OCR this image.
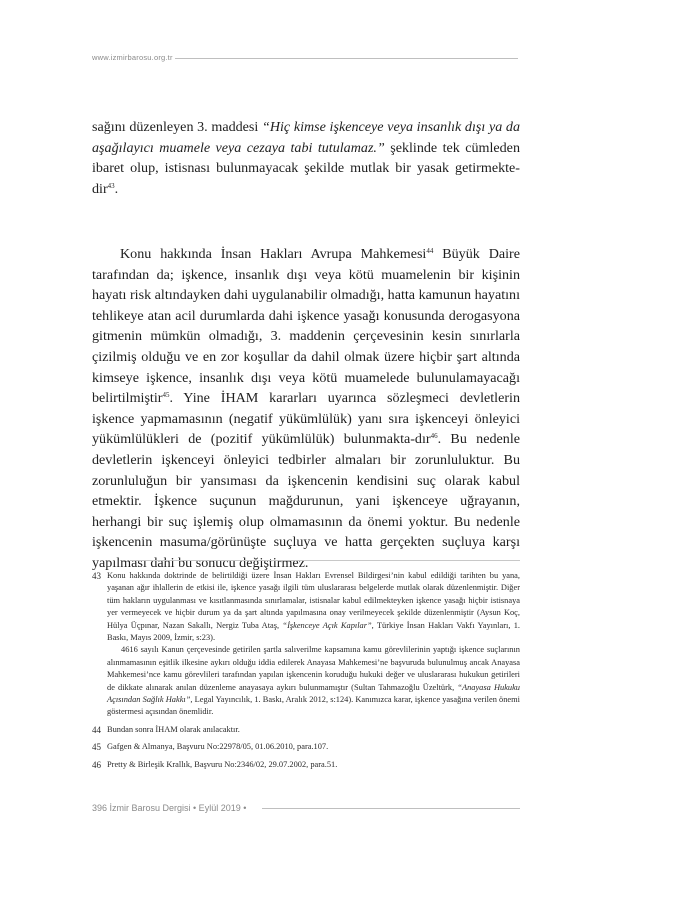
www.izmirbarosu.org.tr

sağını düzenleyen 3. maddesi “Hiç kimse işkenceye veya insanlık dışı ya da aşağılayıcı muamele veya cezaya tabi tutulamaz.” şeklinde tek cümleden ibaret olup, istisnası bulunmayacak şekilde mutlak bir yasak getirmekte-dir$^{43}$.

Konu hakkında İnsan Hakları Avrupa Mahkemesi$^{44}$ Büyük Daire tarafından da; işkence, insanlık dışı veya kötü muamelenin bir kişinin hayatı risk altındayken dahi uygulanabilir olmadığı, hatta kamunun hayatını tehlikeye atan acil durumlarda dahi işkence yasağı konusunda derogasyona gitmenin mümkün olmadığı, 3. maddenin çerçevesinin kesin sınırlarla çizilmiş olduğu ve en zor koşullar da dahil olmak üzere hiçbir şart altında kimseye işkence, insanlık dışı veya kötü muamelede bulunulamayacağı belirtilmiştir$^{45}$. Yine İHAM kararları uyarınca sözleşmeci devletlerin işkence yapmamasının (negatif yükümlülük) yanı sıra işkenceyi önleyici yükümlülükleri de (pozitif yükümlülük) bulunmakta-dır$^{46}$. Bu nedenle devletlerin işkenceyi önleyici tedbirler almaları bir zorunluluktur. Bu zorunluluğun bir yansıması da işkencenin kendisini suç olarak kabul etmektir. İşkence suçunun mağdurunun, yani işkenceye uğrayanın, herhangi bir suç işlemiş olup olmamasının da önemi yoktur. Bu nedenle işkencenin masuma/görünüşte suçluya ve hatta gerçekten suçluya karşı yapılması dahi bu sonucu değiştirmez.

43 Konu hakkında doktrinde de belirtildiği üzere İnsan Hakları Evrensel Bildirgesi’nin kabul edildiği tarihten bu yana, yaşanan ağır ihlallerin de etkisi ile, işkence yasağı ilgili tüm uluslararası belgelerde mutlak olarak düzenlenmiştir. Diğer tüm hakların uygulanması ve kısıtlanmasında sınırlamalar, istisnalar kabul edilmekteyken işkence yasağı hiçbir istisnaya yer vermeyecek ve hiçbir durum ya da şart altında yapılmasına onay verilmeyecek şekilde düzenlenmiştir (Aysun Koç, Hülya Üçpınar, Nazan Sakallı, Nergiz Tuba Ataş, “İşkenceye Açık Kapılar”, Türkiye İnsan Hakları Vakfı Yayınları, 1. Baskı, Mayıs 2009, İzmir, s:23).
4616 sayılı Kanun çerçevesinde getirilen şartla salıverilme kapsamına kamu görevlilerinin yaptığı işkence suçlarının alınmamasının eşitlik ilkesine aykırı olduğu iddia edilerek Anayasa Mahkemesi’ne başvuruda bulunulmuş ancak Anayasa Mahkemesi’nce kamu görevlileri tarafından yapılan işkencenin koruduğu hukuki değer ve uluslararası hukukun getirileri de dikkate alınarak anılan düzenleme anayasaya aykırı bulunmamıştır (Sultan Tahmazoğlu Üzeltürk, “Anayasa Hukuku Açısından Sağlık Hakkı”, Legal Yayıncılık, 1. Baskı, Aralık 2012, s:124). Kanımızca karar, işkence yasağına verilen önemi göstermesi açısından önemlidir.
44 Bundan sonra İHAM olarak anılacaktır.
45 Gafgen & Almanya, Başvuru No:22978/05, 01.06.2010, para.107.
46 Pretty & Birleşik Krallık, Başvuru No:2346/02, 29.07.2002, para.51.
396 İzmir Barosu Dergisi • Eylül 2019 •
